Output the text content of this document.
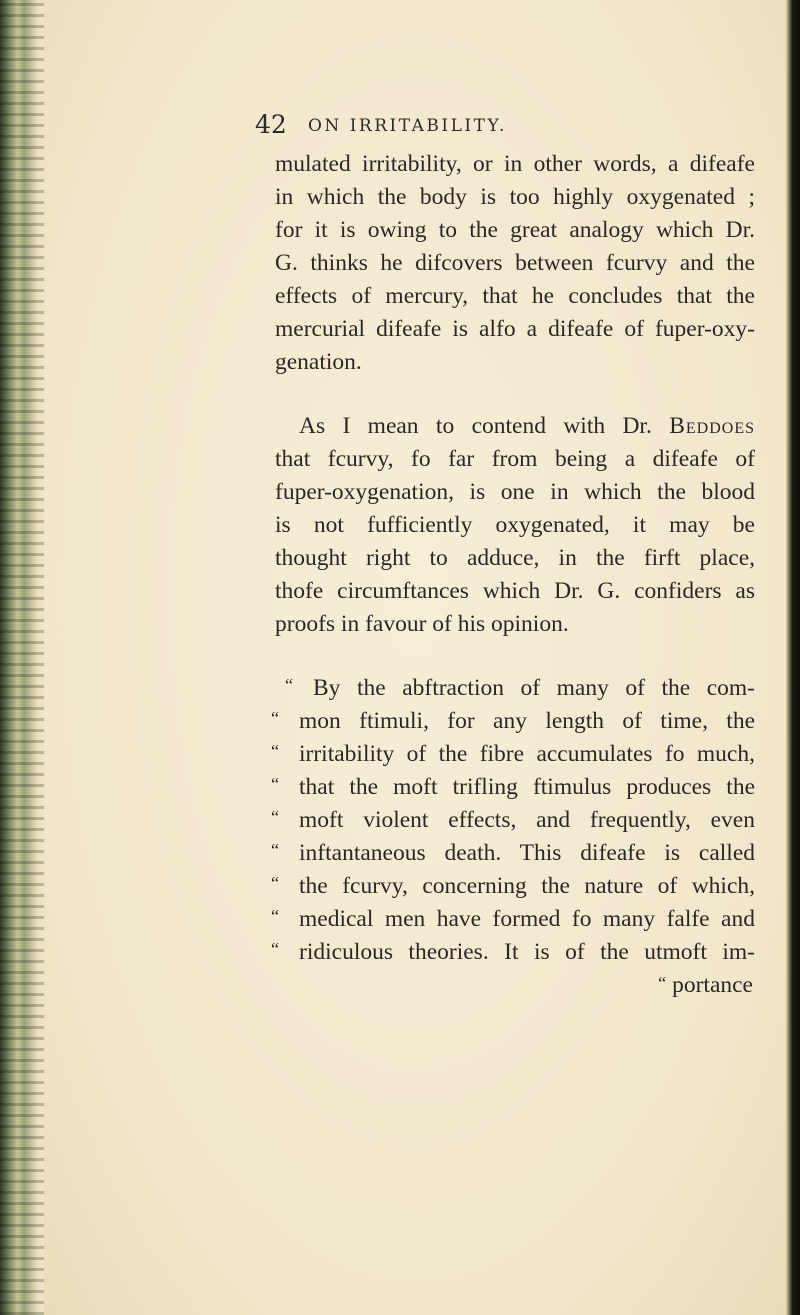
42 ON IRRITABILITY.
mulated irritability, or in other words, a difeafe
in which the body is too highly oxygenated ;
for it is owing to the great analogy which Dr.
G. thinks he difcovers between fcurvy and the
effects of mercury, that he concludes that the
mercurial difeafe is alfo a difeafe of fuper-oxy-
genation.
As I mean to contend with Dr. Beddoes
that fcurvy, fo far from being a difeafe of
fuper-oxygenation, is one in which the blood
is not fufficiently oxygenated, it may be
thought right to adduce, in the firft place,
thofe circumftances which Dr. G. confiders as
proofs in favour of his opinion.
“ By the abftraction of many of the com-
“ mon ftimuli, for any length of time, the
“ irritability of the fibre accumulates fo much,
“ that the moft trifling ftimulus produces the
“ moft violent effects, and frequently, even
“ inftantaneous death. This difeafe is called
“ the fcurvy, concerning the nature of which,
“ medical men have formed fo many falfe and
“ ridiculous theories. It is of the utmoft im-
“ portance
